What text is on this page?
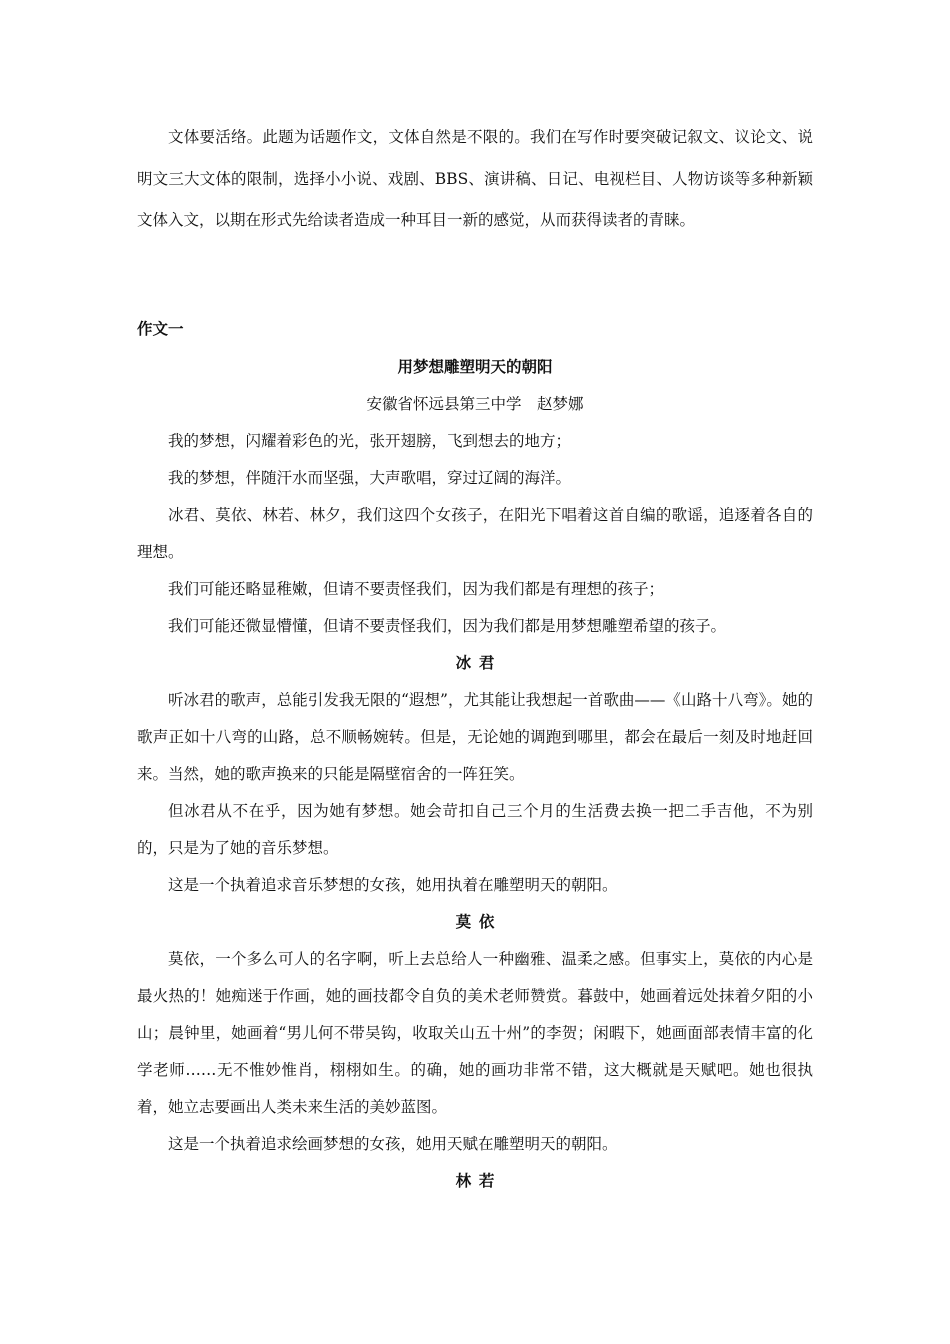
文体要活络。此题为话题作文，文体自然是不限的。我们在写作时要突破记叙文、议论文、说明文三大文体的限制，选择小小说、戏剧、BBS、演讲稿、日记、电视栏目、人物访谈等多种新颖文体入文，以期在形式先给读者造成一种耳目一新的感觉，从而获得读者的青睐。

作文一

用梦想雕塑明天的朝阳

安徽省怀远县第三中学　赵梦娜

我的梦想，闪耀着彩色的光，张开翅膀，飞到想去的地方；

我的梦想，伴随汗水而坚强，大声歌唱，穿过辽阔的海洋。

冰君、莫依、林若、林夕，我们这四个女孩子，在阳光下唱着这首自编的歌谣，追逐着各自的理想。

我们可能还略显稚嫩，但请不要责怪我们，因为我们都是有理想的孩子；

我们可能还微显懵懂，但请不要责怪我们，因为我们都是用梦想雕塑希望的孩子。

冰君

听冰君的歌声，总能引发我无限的“遐想”，尤其能让我想起一首歌曲——《山路十八弯》。她的歌声正如十八弯的山路，总不顺畅婉转。但是，无论她的调跑到哪里，都会在最后一刻及时地赶回来。当然，她的歌声换来的只能是隔壁宿舍的一阵狂笑。

但冰君从不在乎，因为她有梦想。她会苛扣自己三个月的生活费去换一把二手吉他，不为别的，只是为了她的音乐梦想。

这是一个执着追求音乐梦想的女孩，她用执着在雕塑明天的朝阳。

莫依

莫依，一个多么可人的名字啊，听上去总给人一种幽雅、温柔之感。但事实上，莫依的内心是最火热的！她痴迷于作画，她的画技都令自负的美术老师赞赏。暮鼓中，她画着远处抹着夕阳的小山；晨钟里，她画着“男儿何不带吴钩，收取关山五十州”的李贺；闲暇下，她画面部表情丰富的化学老师……无不惟妙惟肖，栩栩如生。的确，她的画功非常不错，这大概就是天赋吧。她也很执着，她立志要画出人类未来生活的美妙蓝图。

这是一个执着追求绘画梦想的女孩，她用天赋在雕塑明天的朝阳。

林若
